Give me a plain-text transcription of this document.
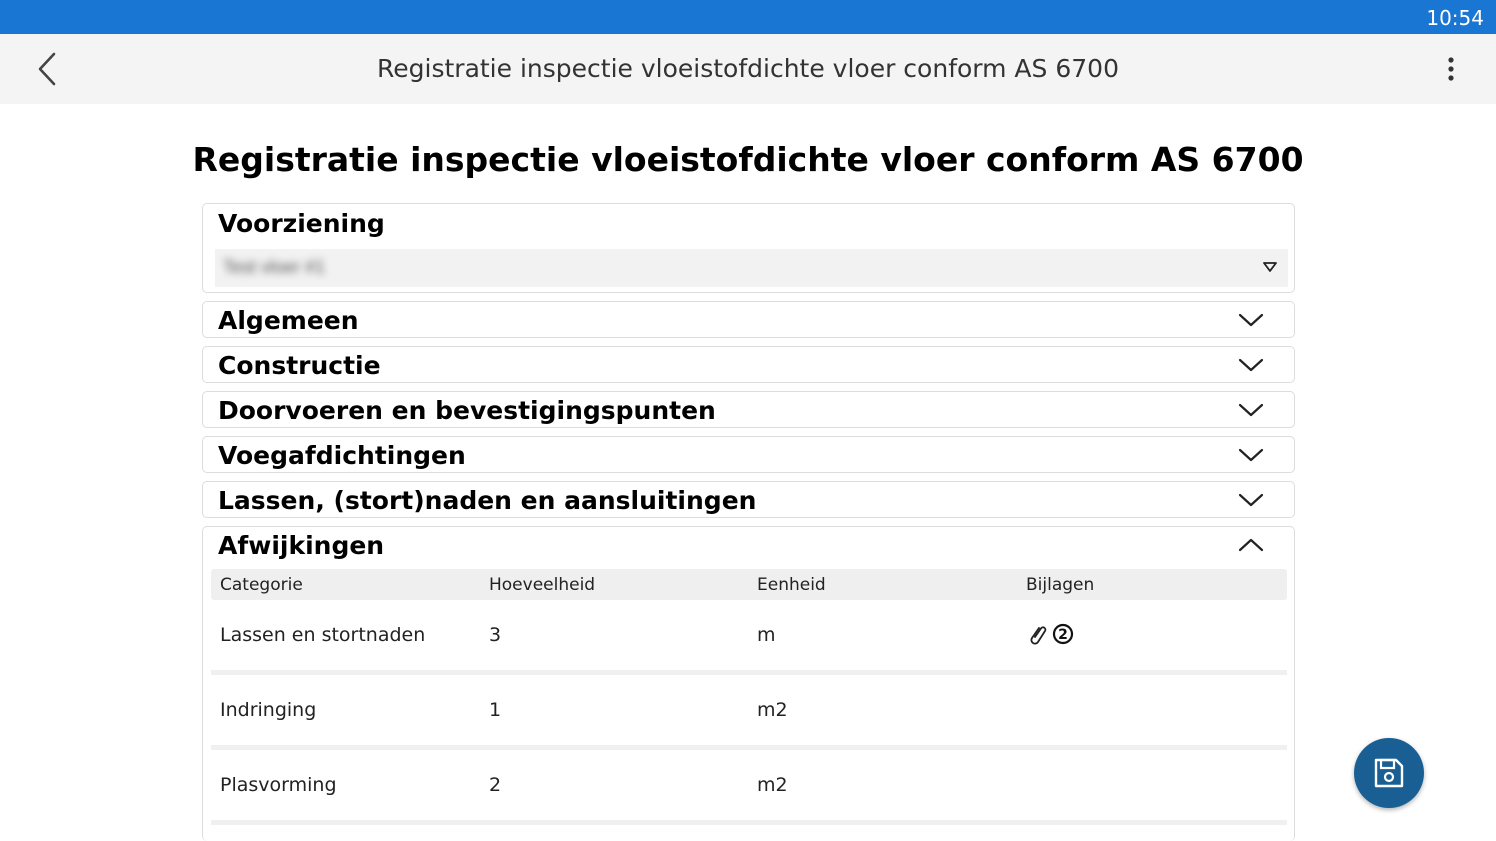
10:54
Registratie inspectie vloeistofdichte vloer conform AS 6700
Registratie inspectie vloeistofdichte vloer conform AS 6700
Voorziening
Test vloer #1
Algemeen
Constructie
Doorvoeren en bevestigingspunten
Voegafdichtingen
Lassen, (stort)naden en aansluitingen
Afwijkingen
Categorie	Hoeveelheid	Eenheid	Bijlagen
Lassen en stortnaden	3	m	2
Indringing	1	m2
Plasvorming	2	m2
